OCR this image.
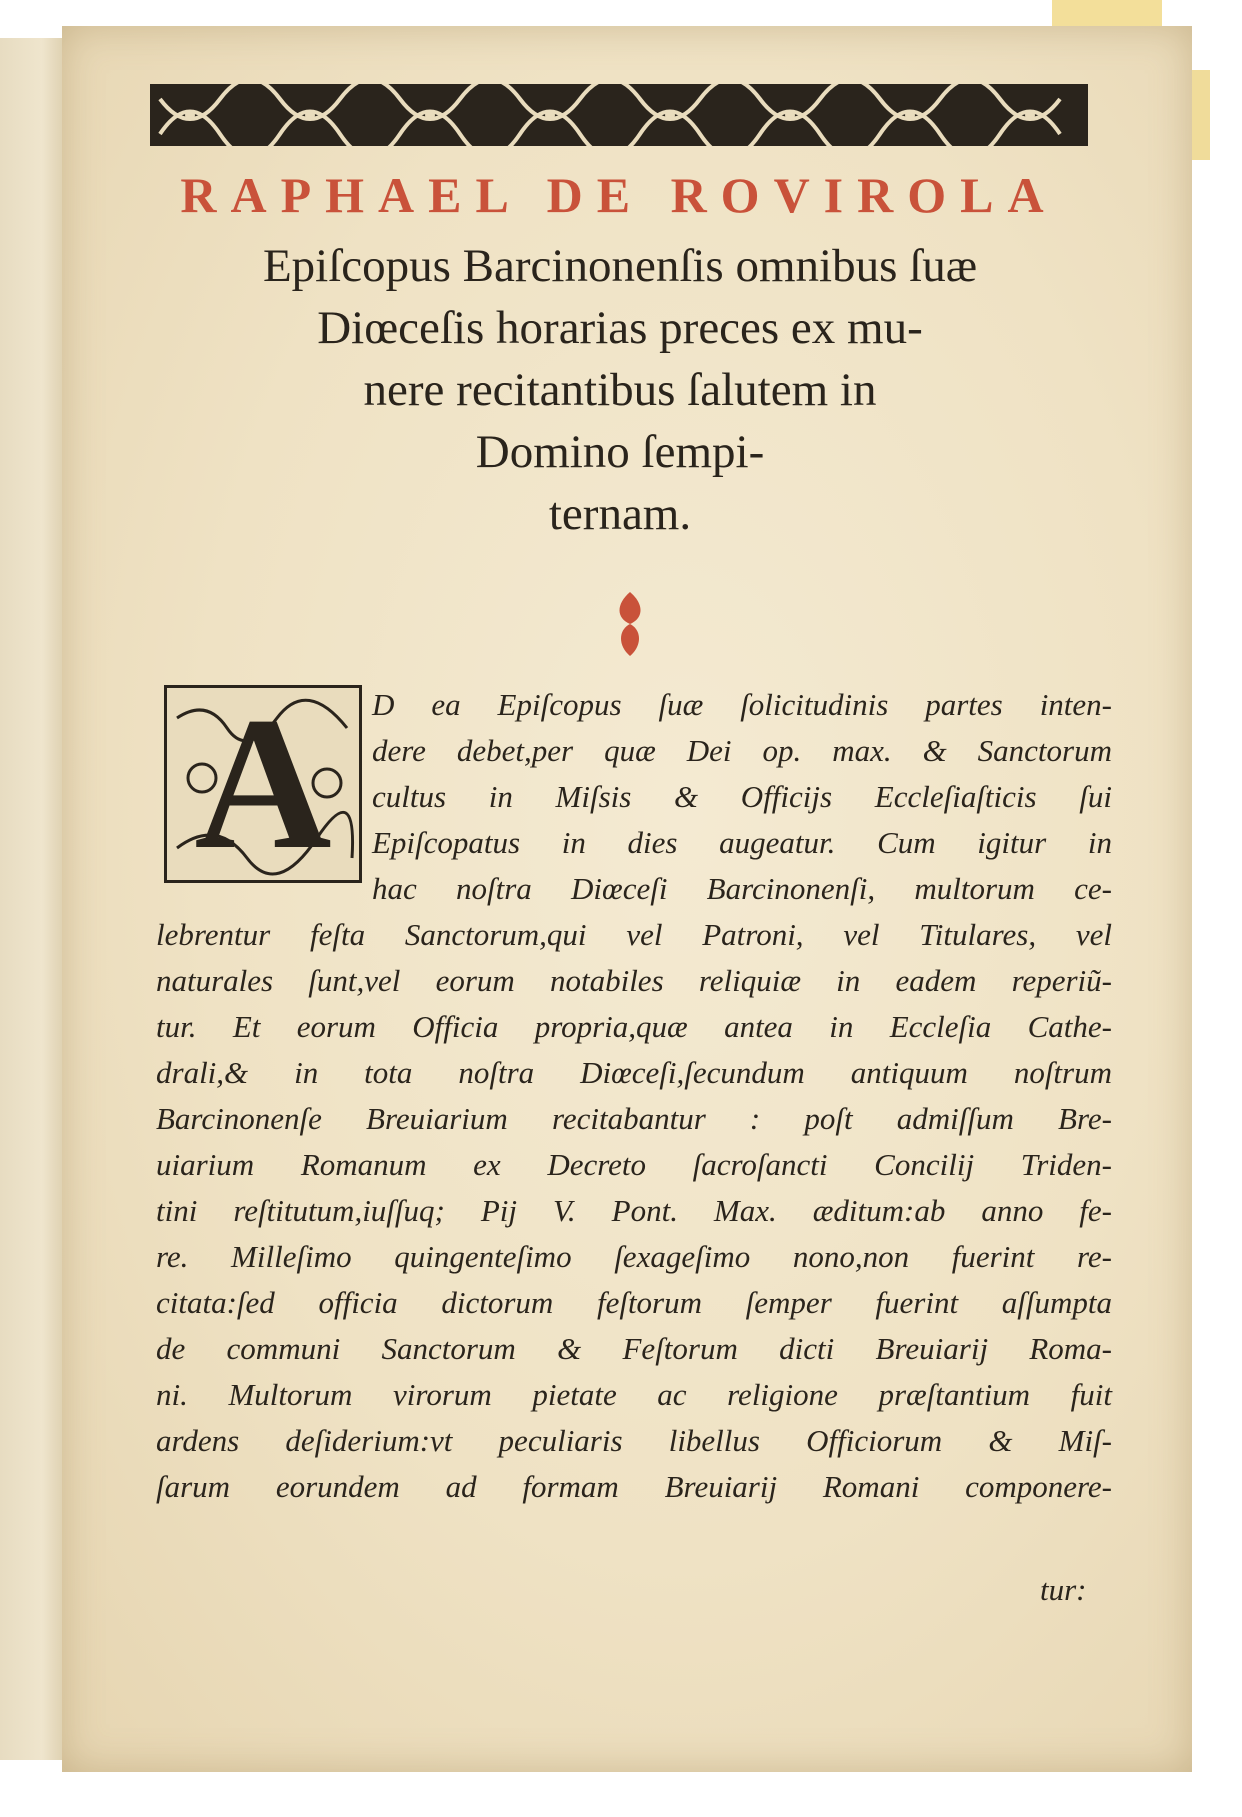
RAPHAEL DE ROVIROLA
Epiſcopus Barcinonenſis omnibus ſuæ
Diœceſis horarias preces ex mu-
nere recitantibus ſalutem in
Domino ſempi-
ternam.
A	D ea Epiſcopus ſuæ ſolicitudinis partes inten-
dere debet,per quæ Dei op. max. & Sanctorum
cultus in Miſsis & Officijs Eccleſiaſticis ſui
Epiſcopatus in dies augeatur. Cum igitur in
hac noſtra Diœceſi Barcinonenſi, multorum ce-
lebrentur feſta Sanctorum,qui vel Patroni, vel Titulares, vel
naturales ſunt,vel eorum notabiles reliquiæ in eadem reperiũ-
tur. Et eorum Officia propria,quæ antea in Eccleſia Cathe-
drali,& in tota noſtra Diœceſi,ſecundum antiquum noſtrum
Barcinonenſe Breuiarium recitabantur : poſt admiſſum Bre-
uiarium Romanum ex Decreto ſacroſancti Concilij Triden-
tini reſtitutum,iuſſuq; Pij V. Pont. Max. æditum:ab anno fe-
re. Milleſimo quingenteſimo ſexageſimo nono,non fuerint re-
citata:ſed officia dictorum feſtorum ſemper fuerint aſſumpta
de communi Sanctorum & Feſtorum dicti Breuiarij Roma-
ni. Multorum virorum pietate ac religione præſtantium fuit
ardens deſiderium:vt peculiaris libellus Officiorum & Miſ-
ſarum eorundem ad formam Breuiarij Romani componere-
tur:
